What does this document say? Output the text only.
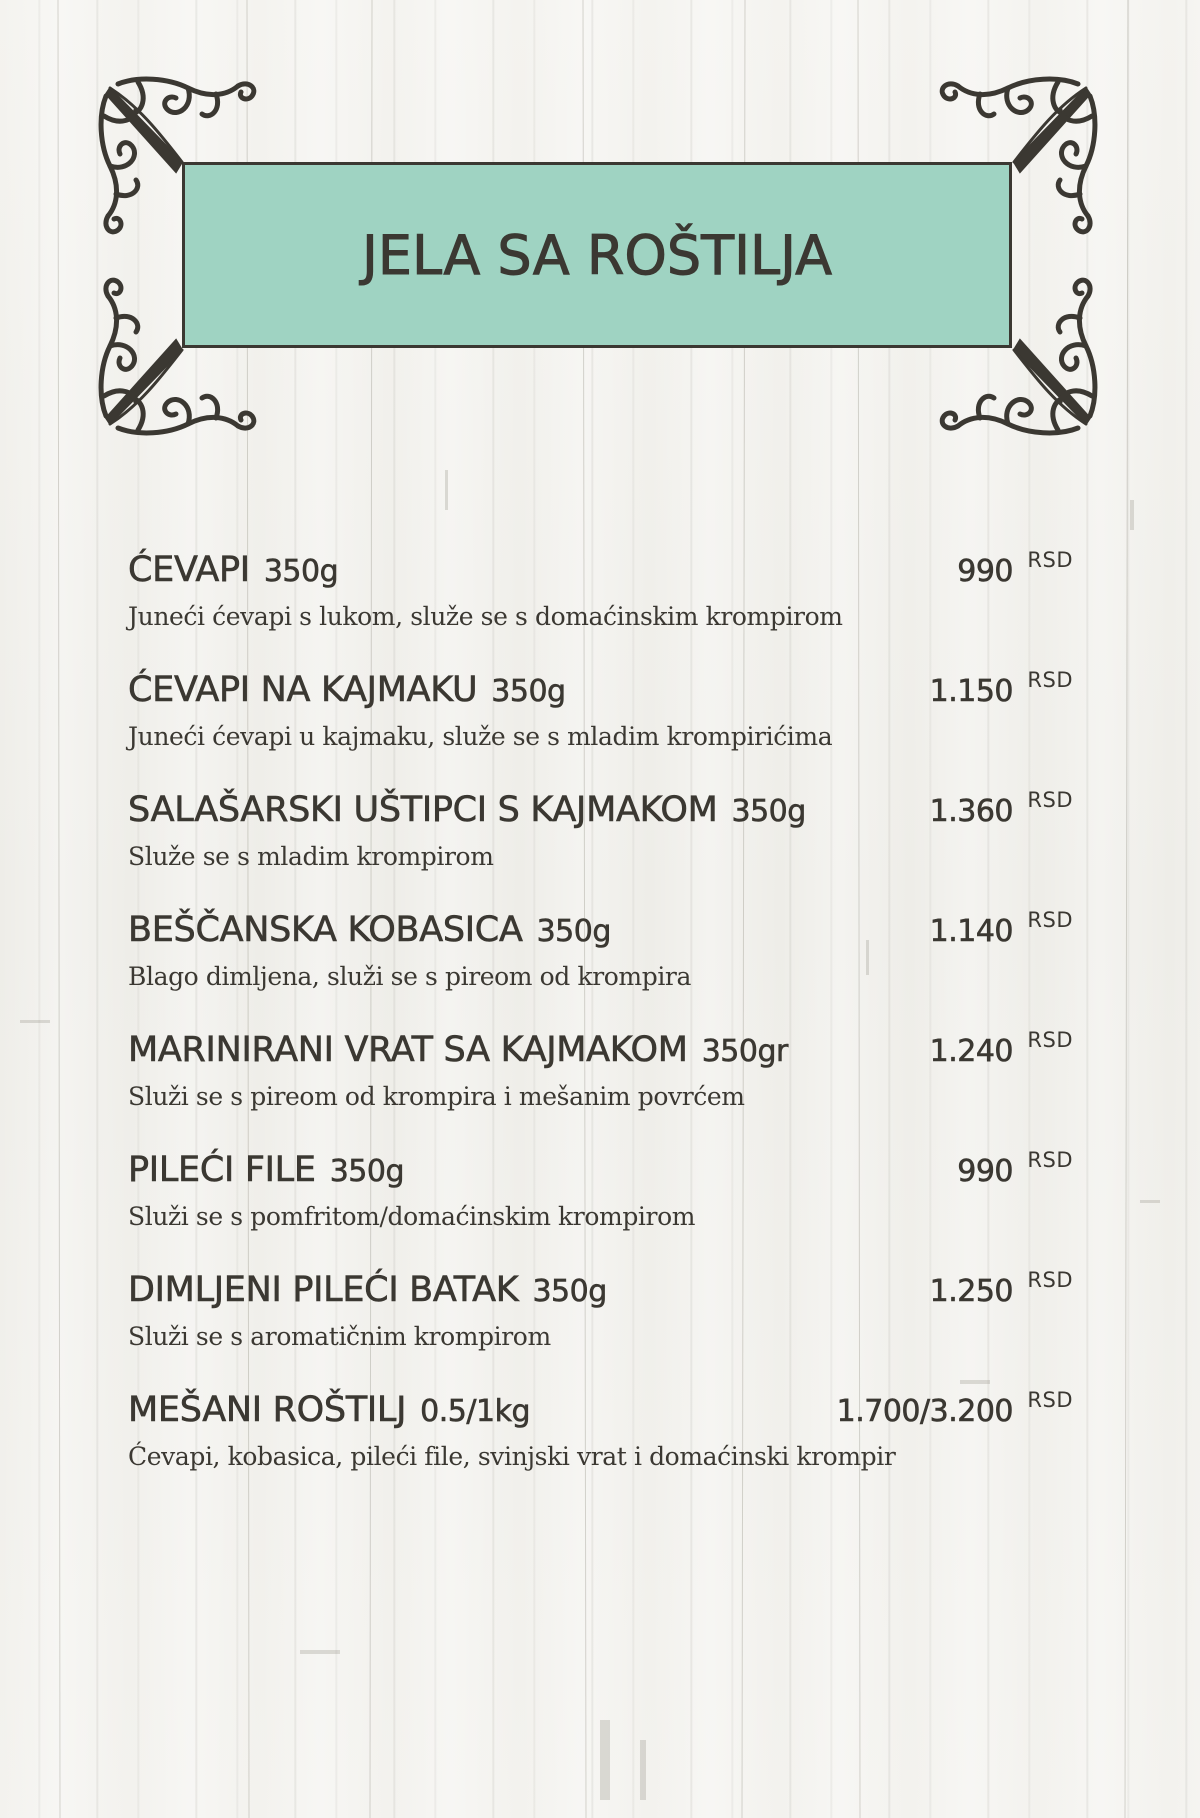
JELA SA ROŠTILJA
ĆEVAPI 350g	990 RSD
Juneći ćevapi s lukom, služe se s domaćinskim krompirom
ĆEVAPI NA KAJMAKU 350g	1.150 RSD
Juneći ćevapi u kajmaku, služe se s mladim krompirićima
SALAŠARSKI UŠTIPCI S KAJMAKOM 350g	1.360 RSD
Služe se s mladim krompirom
BEŠČANSKA KOBASICA 350g	1.140 RSD
Blago dimljena, služi se s pireom od krompira
MARINIRANI VRAT SA KAJMAKOM 350gr	1.240 RSD
Služi se s pireom od krompira i mešanim povrćem
PILEĆI FILE 350g	990 RSD
Služi se s pomfritom/domaćinskim krompirom
DIMLJENI PILEĆI BATAK 350g	1.250 RSD
Služi se s aromatičnim krompirom
MEŠANI ROŠTILJ 0.5/1kg	1.700/3.200 RSD
Ćevapi, kobasica, pileći file, svinjski vrat i domaćinski krompir
